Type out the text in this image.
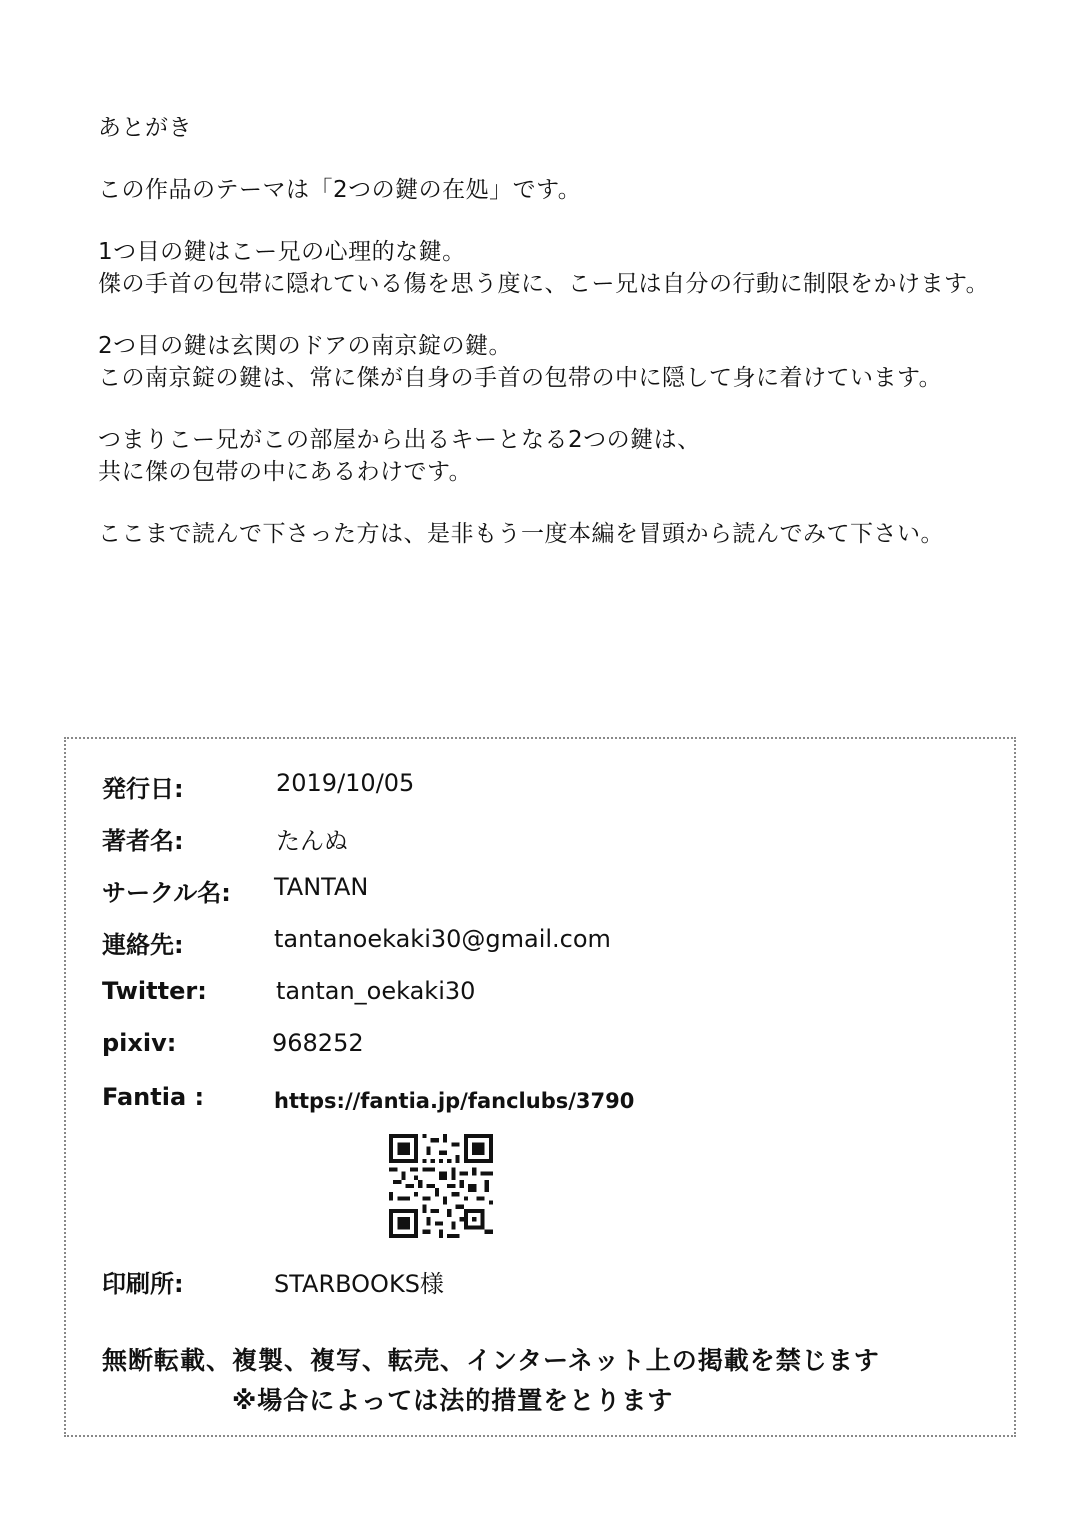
あとがき
この作品のテーマは「2つの鍵の在処」です。
1つ目の鍵はこー兄の心理的な鍵。
傑の手首の包帯に隠れている傷を思う度に、こー兄は自分の行動に制限をかけます。
2つ目の鍵は玄関のドアの南京錠の鍵。
この南京錠の鍵は、常に傑が自身の手首の包帯の中に隠して身に着けています。
つまりこー兄がこの部屋から出るキーとなる2つの鍵は、
共に傑の包帯の中にあるわけです。
ここまで読んで下さった方は、是非もう一度本編を冒頭から読んでみて下さい。
発行日:	2019/10/05
著者名:	たんぬ
サークル名: TANTAN
連絡先:	tantanoekaki30@gmail.com
Twitter:	tantan_oekaki30
pixiv:	968252
Fantia :	https://fantia.jp/fanclubs/3790
印刷所:	STARBOOKS様
無断転載、複製、複写、転売、インターネット上の掲載を禁じます
※場合によっては法的措置をとります
